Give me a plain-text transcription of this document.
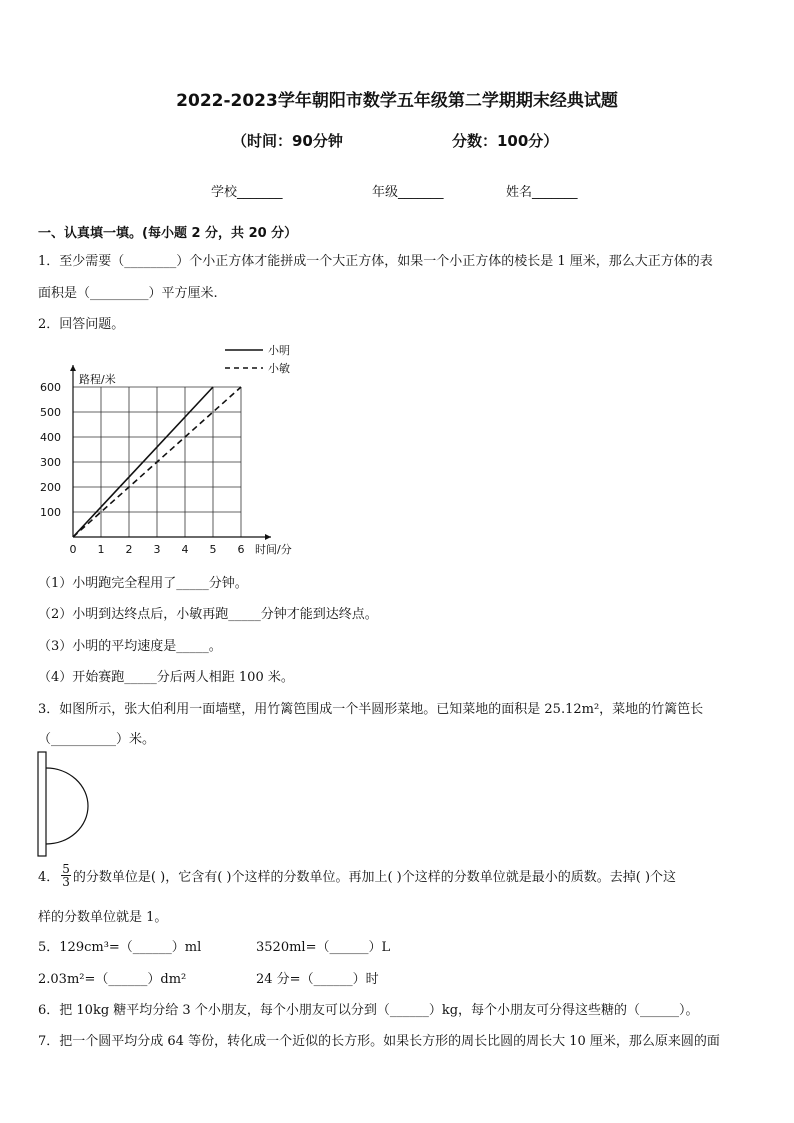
2022-2023学年朝阳市数学五年级第二学期期末经典试题
（时间：90分钟	分数：100分）
学校_______	年级_______	姓名_______
一、认真填一填。(每小题 2 分，共 20 分）
1．至少需要（________）个小正方体才能拼成一个大正方体，如果一个小正方体的棱长是 1 厘米，那么大正方体的表
面积是（_________）平方厘米.
2．回答问题。
0 1 2 3 4 5 6
100
200
300
400
500
600
小明
小敏
路程/米
时间/分
（1）小明跑完全程用了_____分钟。
（2）小明到达终点后，小敏再跑_____分钟才能到达终点。
（3）小明的平均速度是_____。
（4）开始赛跑_____分后两人相距 100 米。
3．如图所示，张大伯利用一面墙壁，用竹篱笆围成一个半圆形菜地。已知菜地的面积是 25.12m²，菜地的竹篱笆长
（__________）米。
4． $\frac{5}{3}$ 的分数单位是( )，它含有( )个这样的分数单位。再加上( )个这样的分数单位就是最小的质数。去掉( )个这
样的分数单位就是 1。
5．129cm³=（______）ml	3520ml=（______）L
2.03m²=（______）dm²	24 分=（______）时
6．把 10kg 糖平均分给 3 个小朋友，每个小朋友可以分到（______）kg，每个小朋友可分得这些糖的（______）。
7．把一个圆平均分成 64 等份，转化成一个近似的长方形。如果长方形的周长比圆的周长大 10 厘米，那么原来圆的面
